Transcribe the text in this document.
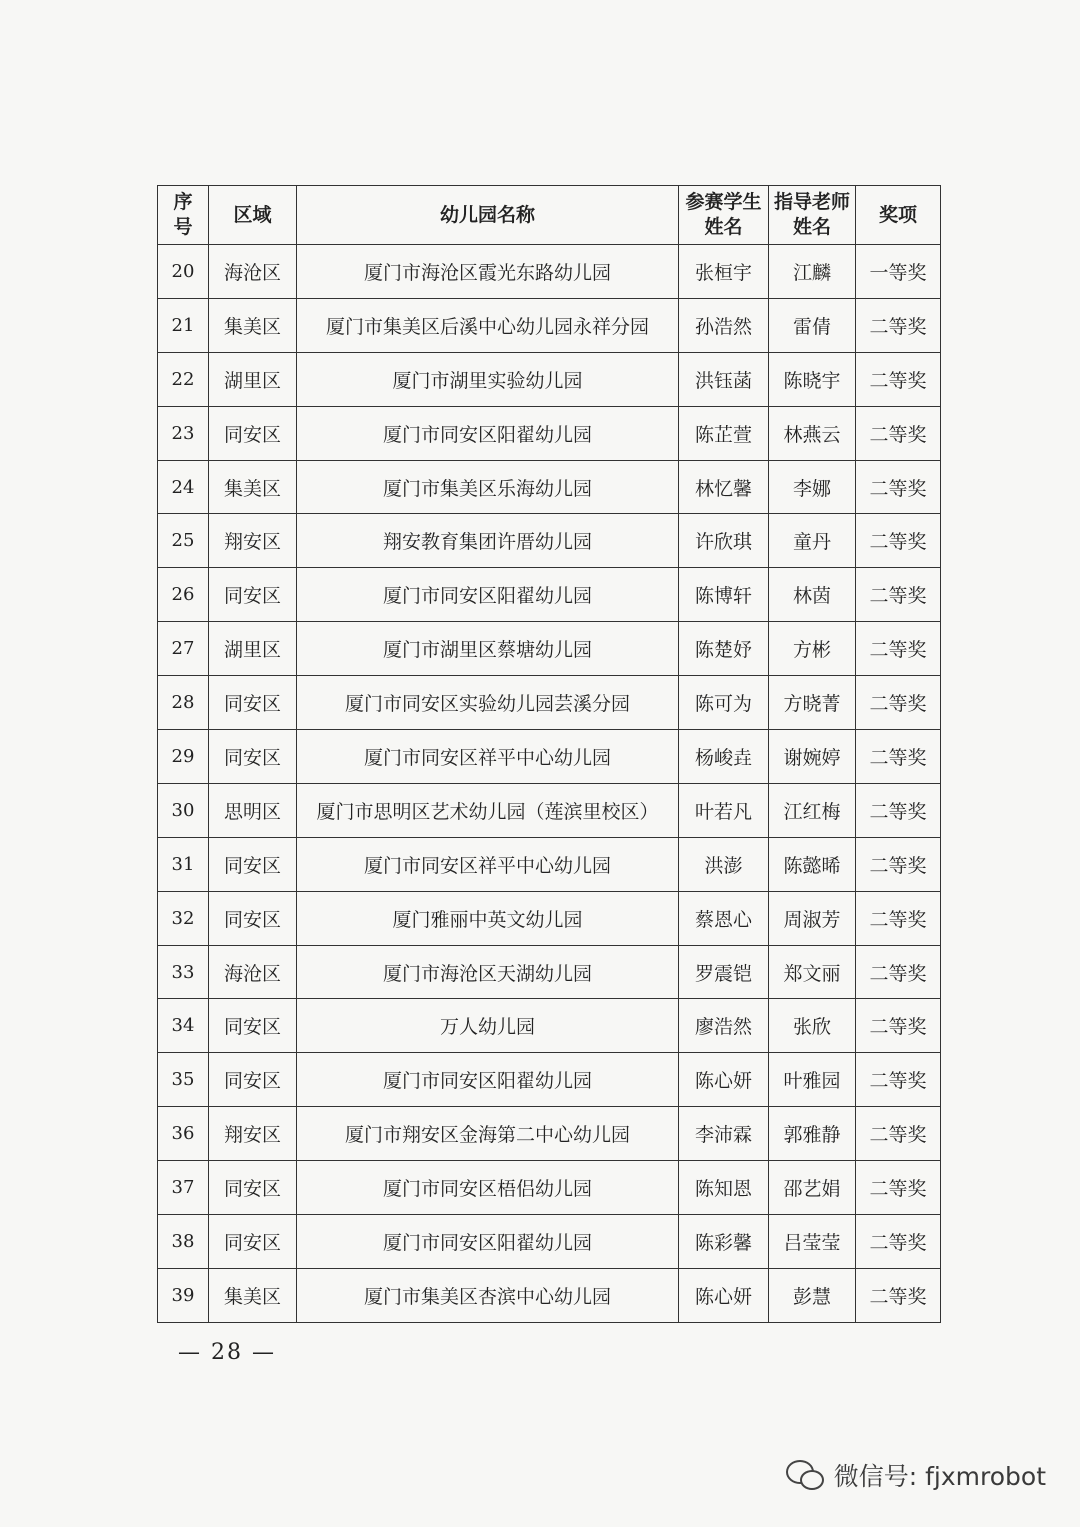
序号	区域	幼儿园名称	参赛学生姓名	指导老师姓名	奖项
20	海沧区	厦门市海沧区霞光东路幼儿园	张桓宇	江麟	一等奖
21	集美区	厦门市集美区后溪中心幼儿园永祥分园	孙浩然	雷倩	二等奖
22	湖里区	厦门市湖里实验幼儿园	洪钰菡	陈晓宇	二等奖
23	同安区	厦门市同安区阳翟幼儿园	陈芷萱	林燕云	二等奖
24	集美区	厦门市集美区乐海幼儿园	林忆馨	李娜	二等奖
25	翔安区	翔安教育集团许厝幼儿园	许欣琪	童丹	二等奖
26	同安区	厦门市同安区阳翟幼儿园	陈博轩	林茵	二等奖
27	湖里区	厦门市湖里区蔡塘幼儿园	陈楚妤	方彬	二等奖
28	同安区	厦门市同安区实验幼儿园芸溪分园	陈可为	方晓菁	二等奖
29	同安区	厦门市同安区祥平中心幼儿园	杨峻垚	谢婉婷	二等奖
30	思明区	厦门市思明区艺术幼儿园（莲滨里校区）	叶若凡	江红梅	二等奖
31	同安区	厦门市同安区祥平中心幼儿园	洪澎	陈懿晞	二等奖
32	同安区	厦门雅丽中英文幼儿园	蔡恩心	周淑芳	二等奖
33	海沧区	厦门市海沧区天湖幼儿园	罗震铠	郑文丽	二等奖
34	同安区	万人幼儿园	廖浩然	张欣	二等奖
35	同安区	厦门市同安区阳翟幼儿园	陈心妍	叶雅园	二等奖
36	翔安区	厦门市翔安区金海第二中心幼儿园	李沛霖	郭雅静	二等奖
37	同安区	厦门市同安区梧侣幼儿园	陈知恩	邵艺娟	二等奖
38	同安区	厦门市同安区阳翟幼儿园	陈彩馨	吕莹莹	二等奖
39	集美区	厦门市集美区杏滨中心幼儿园	陈心妍	彭慧	二等奖
— 28 —
微信号: fjxmrobot
